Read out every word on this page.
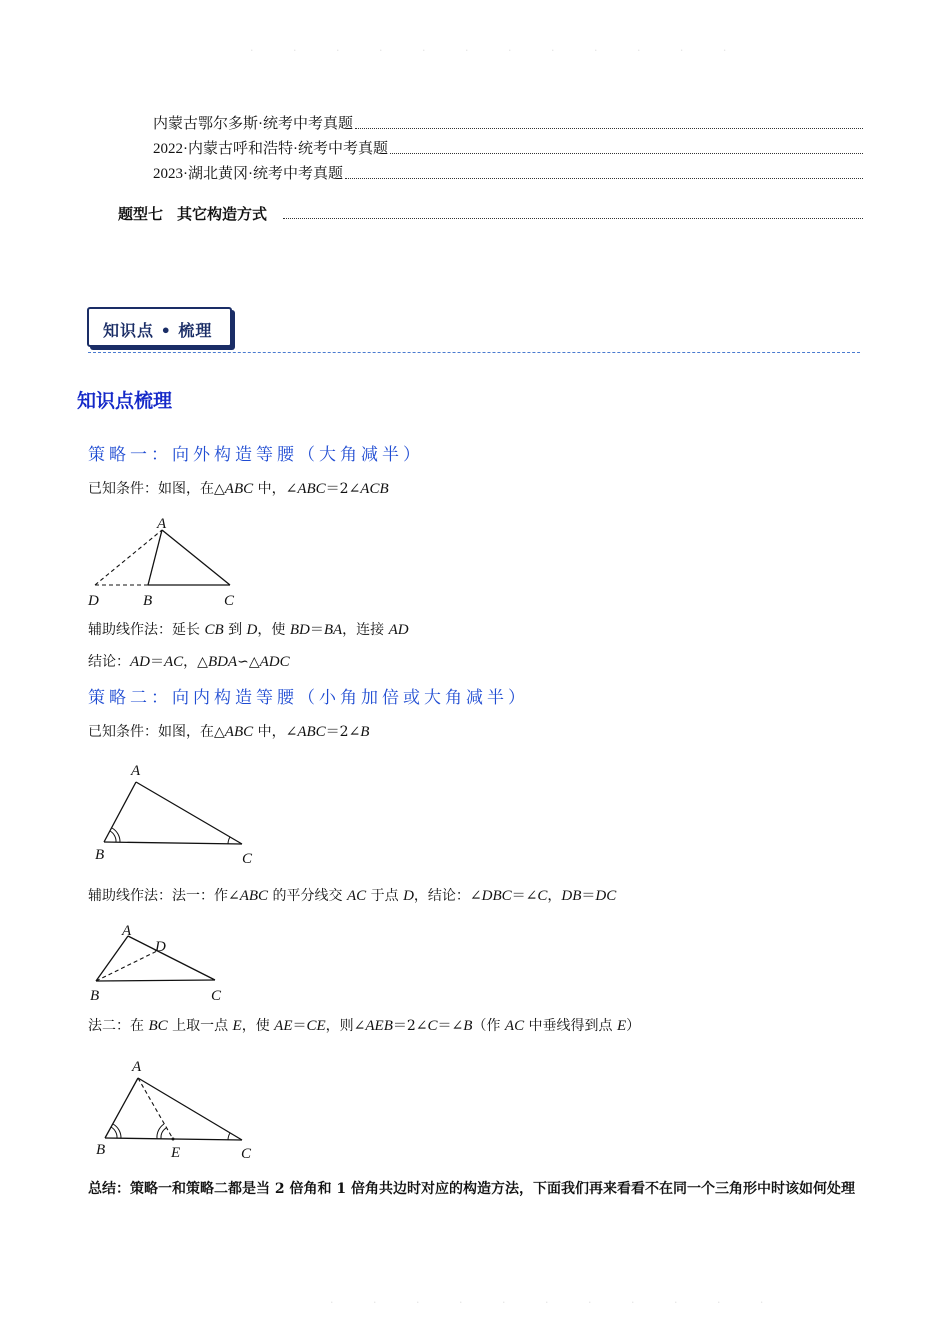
· · · · · · · · · · · ·
· · · · · · · · · · ·
内蒙古鄂尔多斯·统考中考真题
2022·内蒙古呼和浩特·统考中考真题
2023·湖北黄冈·统考中考真题
题型七 其它构造方式
知识点 • 梳理
知识点梳理
策略一：向外构造等腰（大角减半）
已知条件：如图，在△ABC 中，∠ABC＝2∠ACB
A
D	B	C
辅助线作法：延长 CB 到 D，使 BD＝BA，连接 AD
结论：AD＝AC，△BDA∽△ADC
策略二：向内构造等腰（小角加倍或大角减半）
已知条件：如图，在△ABC 中，∠ABC＝2∠B
A
B	C
辅助线作法：法一：作∠ABC 的平分线交 AC 于点 D，结论：∠DBC＝∠C，DB＝DC
A
D
B	C
法二：在 BC 上取一点 E，使 AE＝CE，则∠AEB＝2∠C＝∠B（作 AC 中垂线得到点 E）
A
B	E	C
总结：策略一和策略二都是当 2 倍角和 1 倍角共边时对应的构造方法，下面我们再来看看不在同一个三角形中时该如何处理
